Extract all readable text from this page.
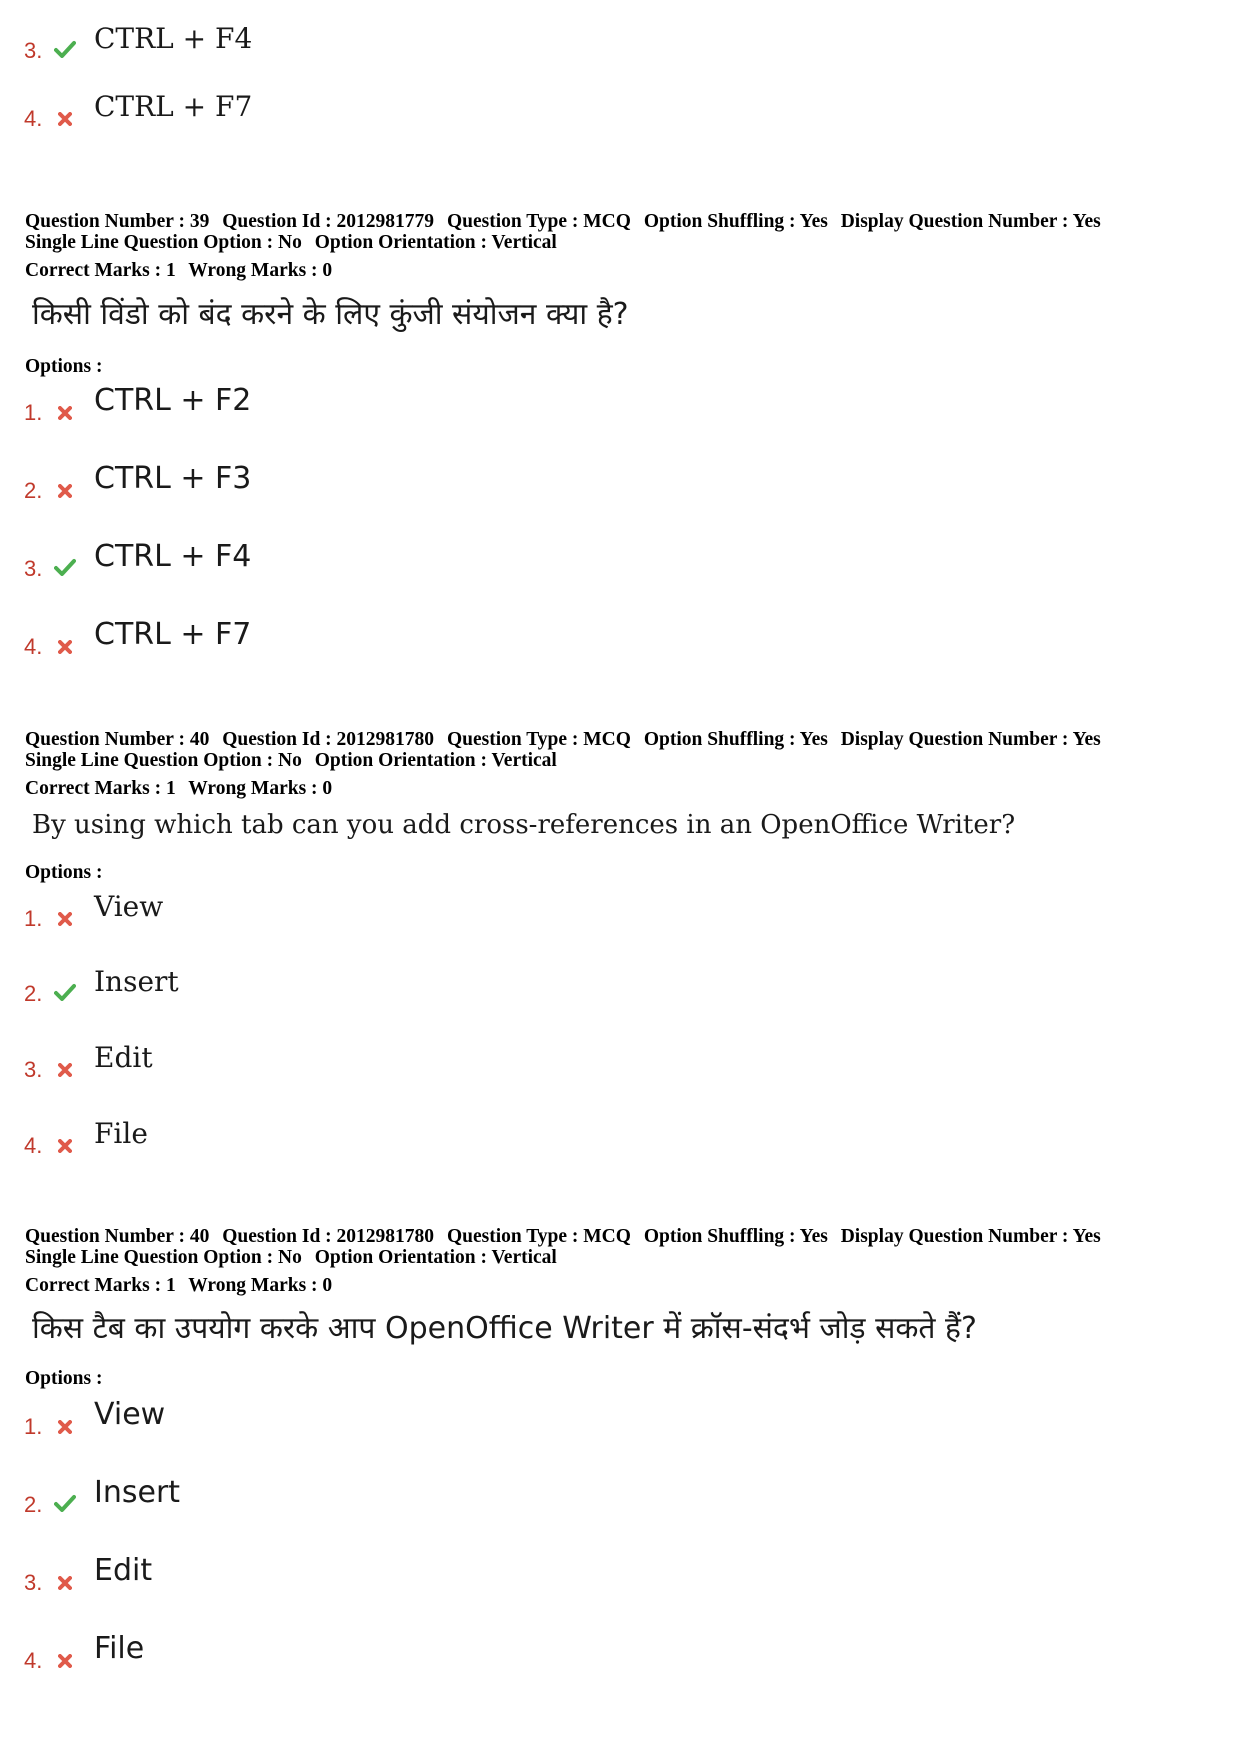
3. CTRL + F4
4. CTRL + F7
Question Number : 39 Question Id : 2012981779 Question Type : MCQ Option Shuffling : Yes Display Question Number : Yes
Single Line Question Option : No Option Orientation : Vertical
Correct Marks : 1 Wrong Marks : 0
किसी विंडो को बंद करने के लिए कुंजी संयोजन क्या है?
Options :
1. CTRL + F2
2. CTRL + F3
3. CTRL + F4
4. CTRL + F7
Question Number : 40 Question Id : 2012981780 Question Type : MCQ Option Shuffling : Yes Display Question Number : Yes
Single Line Question Option : No Option Orientation : Vertical
Correct Marks : 1 Wrong Marks : 0
By using which tab can you add cross-references in an OpenOffice Writer?
Options :
1. View
2. Insert
3. Edit
4. File
Question Number : 40 Question Id : 2012981780 Question Type : MCQ Option Shuffling : Yes Display Question Number : Yes
Single Line Question Option : No Option Orientation : Vertical
Correct Marks : 1 Wrong Marks : 0
किस टैब का उपयोग करके आप OpenOffice Writer में क्रॉस-संदर्भ जोड़ सकते हैं?
Options :
1. View
2. Insert
3. Edit
4. File
